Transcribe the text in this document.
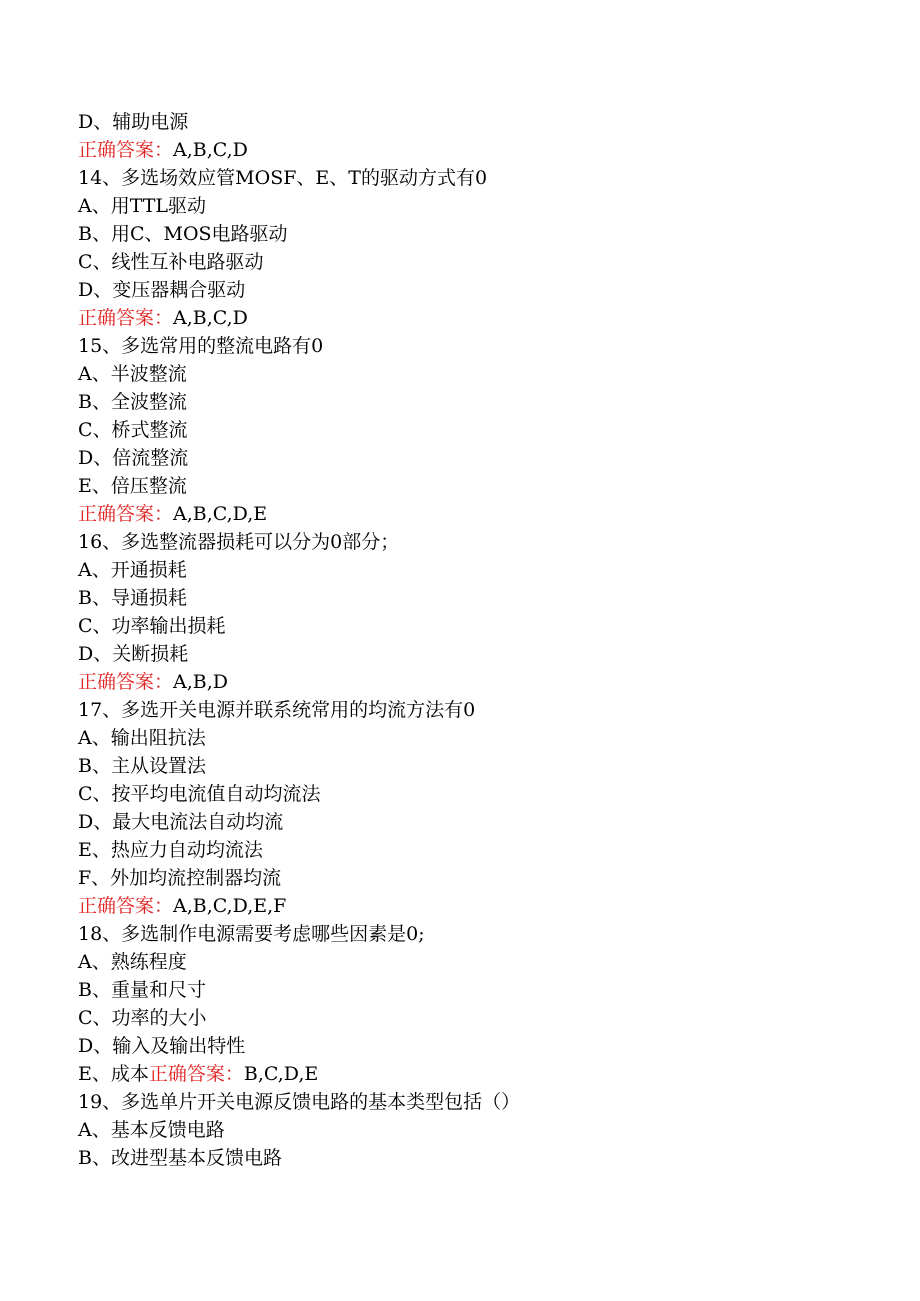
D、辅助电源
正确答案：A,B,C,D
14、多选场效应管MOSF、E、T的驱动方式有0
A、用TTL驱动
B、用C、MOS电路驱动
C、线性互补电路驱动
D、变压器耦合驱动
正确答案：A,B,C,D
15、多选常用的整流电路有0
A、半波整流
B、全波整流
C、桥式整流
D、倍流整流
E、倍压整流
正确答案：A,B,C,D,E
16、多选整流器损耗可以分为0部分；
A、开通损耗
B、导通损耗
C、功率输出损耗
D、关断损耗
正确答案：A,B,D
17、多选开关电源并联系统常用的均流方法有0
A、输出阻抗法
B、主从设置法
C、按平均电流值自动均流法
D、最大电流法自动均流
E、热应力自动均流法
F、外加均流控制器均流
正确答案：A,B,C,D,E,F
18、多选制作电源需要考虑哪些因素是0;
A、熟练程度
B、重量和尺寸
C、功率的大小
D、输入及输出特性
E、成本正确答案：B,C,D,E
19、多选单片开关电源反馈电路的基本类型包括（）
A、基本反馈电路
B、改进型基本反馈电路
